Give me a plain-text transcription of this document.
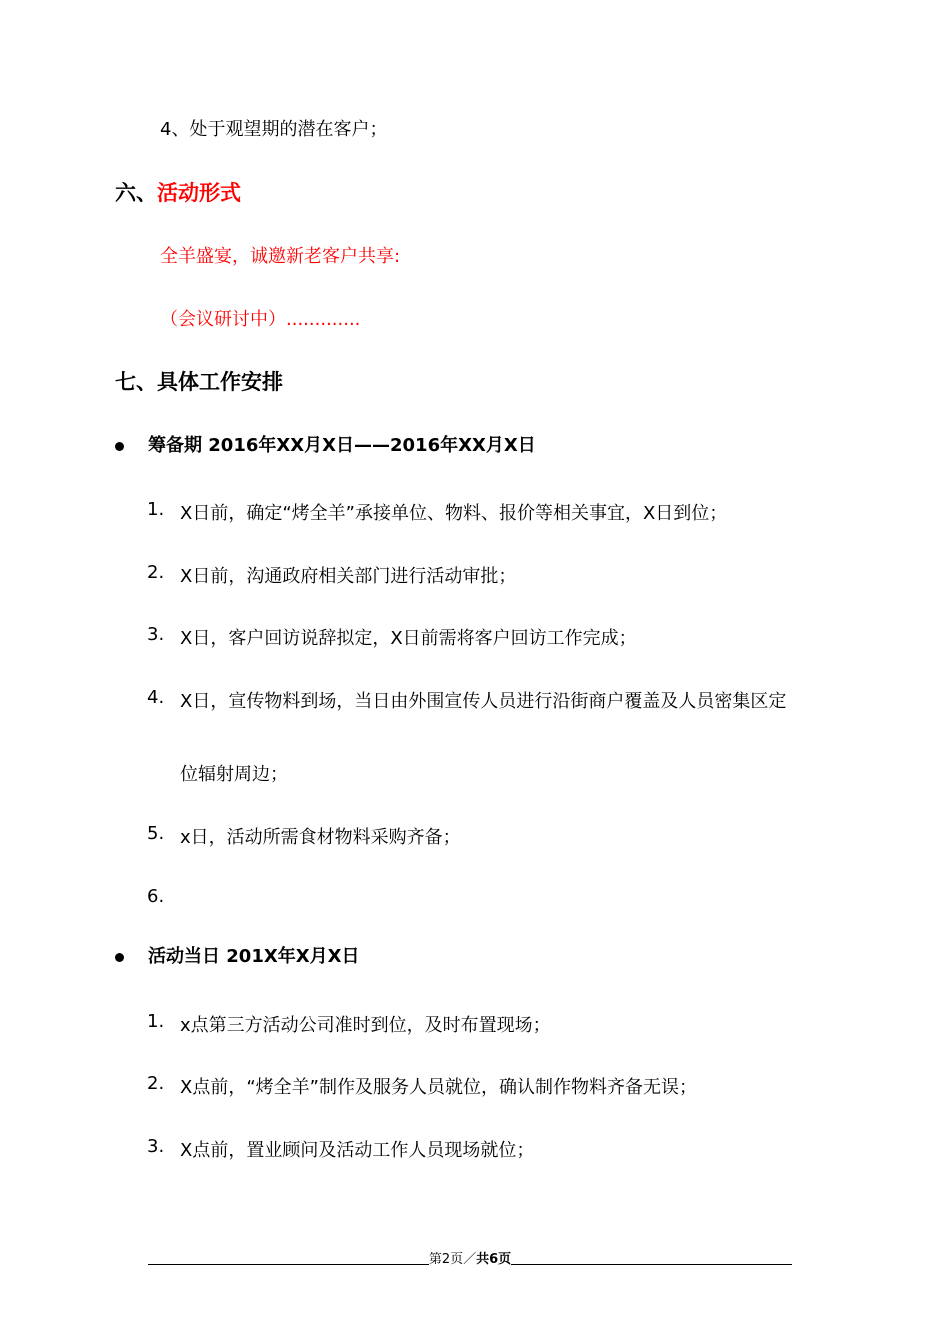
4、处于观望期的潜在客户；
六、活动形式
全羊盛宴，诚邀新老客户共享:
（会议研讨中）.............
七、具体工作安排
筹备期 2016年XX月X日——2016年XX月X日
1. X日前，确定“烤全羊”承接单位、物料、报价等相关事宜，X日到位；
2. X日前，沟通政府相关部门进行活动审批；
3. X日，客户回访说辞拟定，X日前需将客户回访工作完成；
4. X日，宣传物料到场，当日由外围宣传人员进行沿街商户覆盖及人员密集区定
位辐射周边；
5. x日，活动所需食材物料采购齐备；
6.
活动当日 201X年X月X日
1. x点第三方活动公司准时到位，及时布置现场；
2. X点前，“烤全羊”制作及服务人员就位，确认制作物料齐备无误；
3. X点前，置业顾问及活动工作人员现场就位；
第2页／共6页
